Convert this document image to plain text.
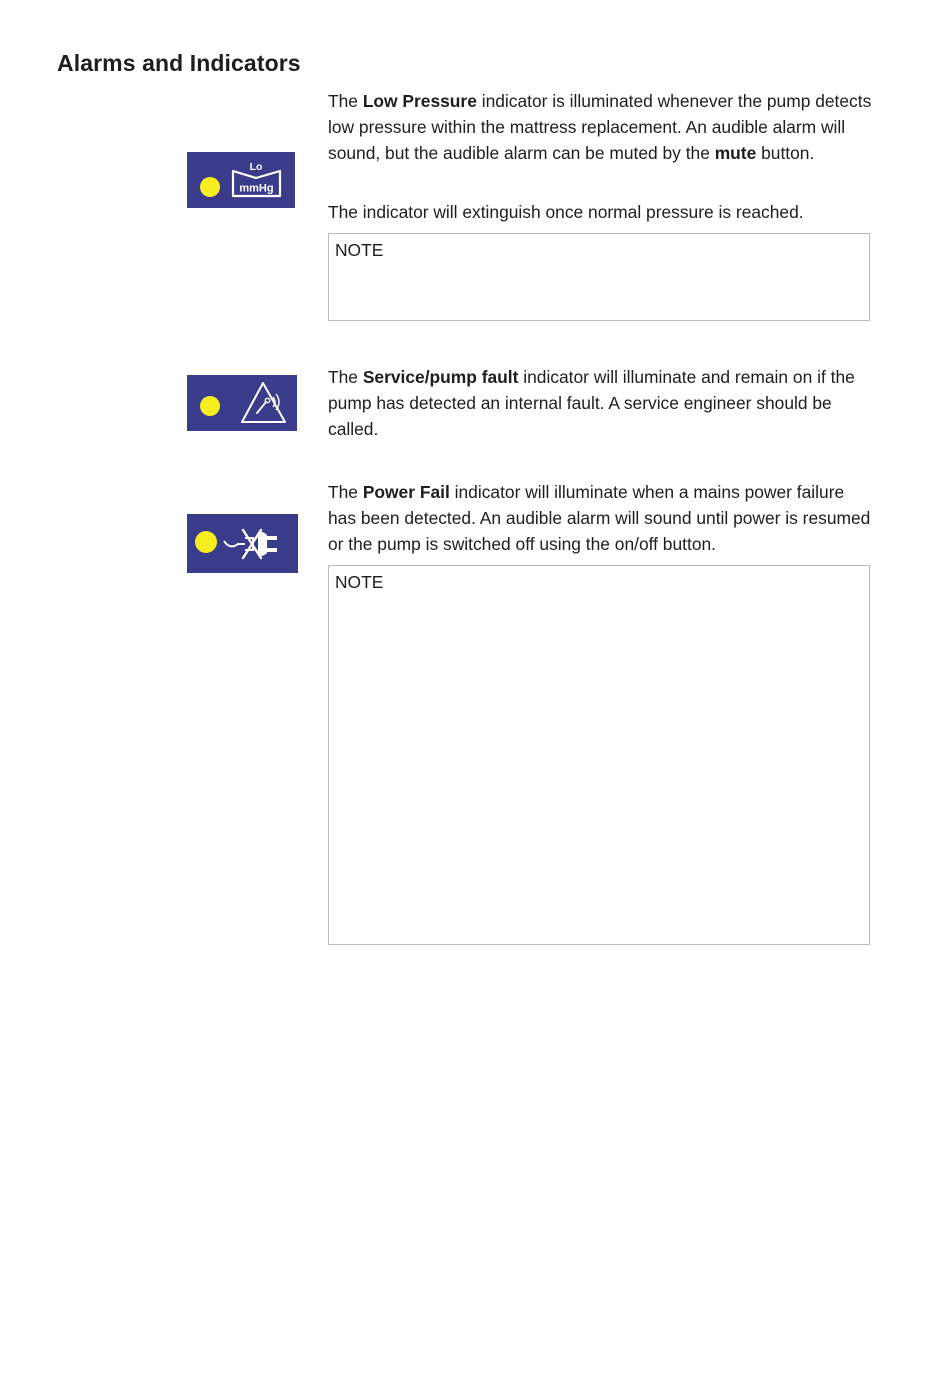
Alarms and Indicators
Lo
mmHg

The Low Pressure indicator is illuminated whenever the pump detects low pressure within the mattress replacement. An audible alarm will sound, but the audible alarm can be muted by the mute button.

The indicator will extinguish once normal pressure is reached.

NOTE

The Service/pump fault indicator will illuminate and remain on if the pump has detected an internal fault. A service engineer should be called.

The Power Fail indicator will illuminate when a mains power failure has been detected. An audible alarm will sound until power is resumed or the pump is switched off using the on/off button.

NOTE
